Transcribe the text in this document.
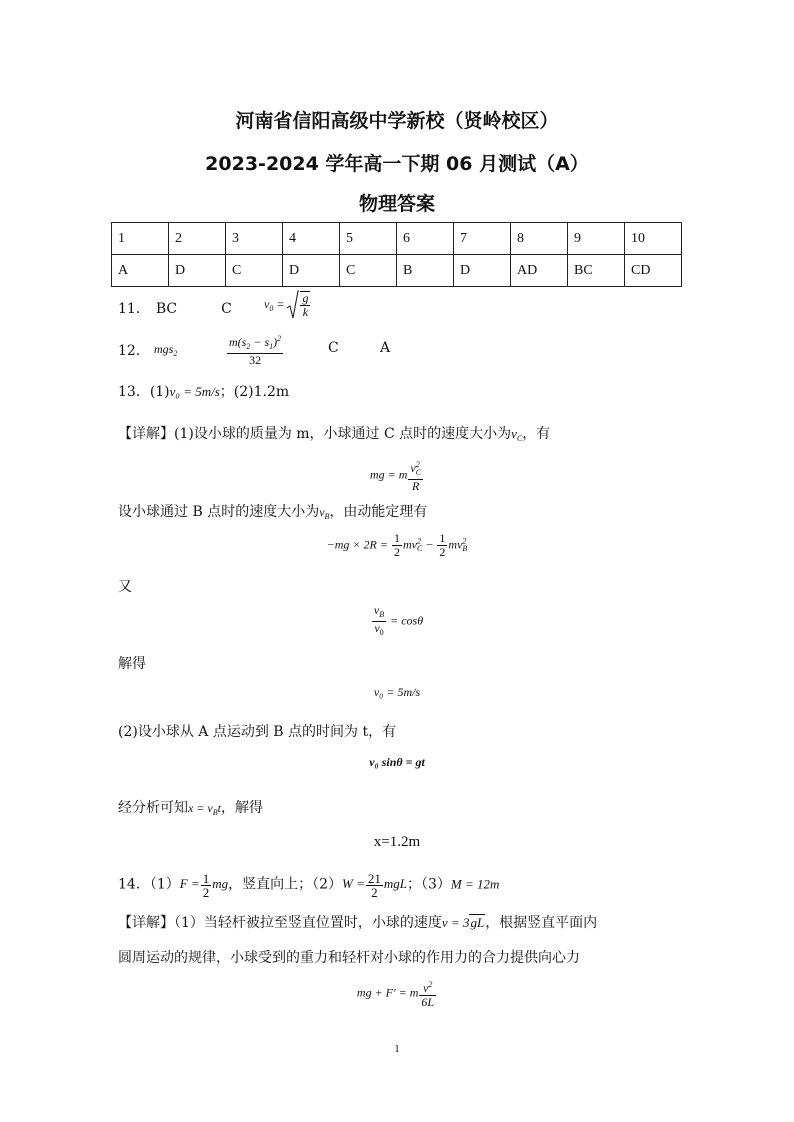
河南省信阳高级中学新校（贤岭校区）
2023-2024 学年高一下期 06 月测试（A）
物理答案
1	2	3	4	5	6	7	8	9	10
A	D	C	D	C	B	D	AD	BC	CD
11． BC	C	$v_0 = \frac{g}{k}$
12． mgs$_2$	$\frac{m(s_2 - s_1)^2}{32}$	C	A
13．(1)v₀ = 5m/s；(2)1.2m
【详解】(1)设小球的质量为 m，小球通过 C 点时的速度大小为$v_C$，有
mg = m $\frac{v^2_C}{R}$
设小球通过 B 点时的速度大小为$v_B$，由动能定理有
$-mg \times 2R = \frac{1}{2} mv^2_C - \frac{1}{2} mv^2_B$
又
$\frac{v_B}{v_0} = \cos\theta$
解得
v₀ = 5m/s
(2)设小球从 A 点运动到 B 点的时间为 t，有
v₀ sinθ = gt
经分析可知$x = v_Bt$，解得
x=1.2m
14．$(1)F = \frac{1}{2}$ mg，竖直向上；$(2)W = \frac{21}{2}$ mgL；（3）M = 12m
【详解】（1）当轻杆被拉至竖直位置时，小球的速度v = 3gL，根据竖直平面内
圆周运动的规律，小球受到的重力和轻杆对小球的作用力的合力提供向心力
mg + F′ = m $\frac{v^2}{6L}$
1
